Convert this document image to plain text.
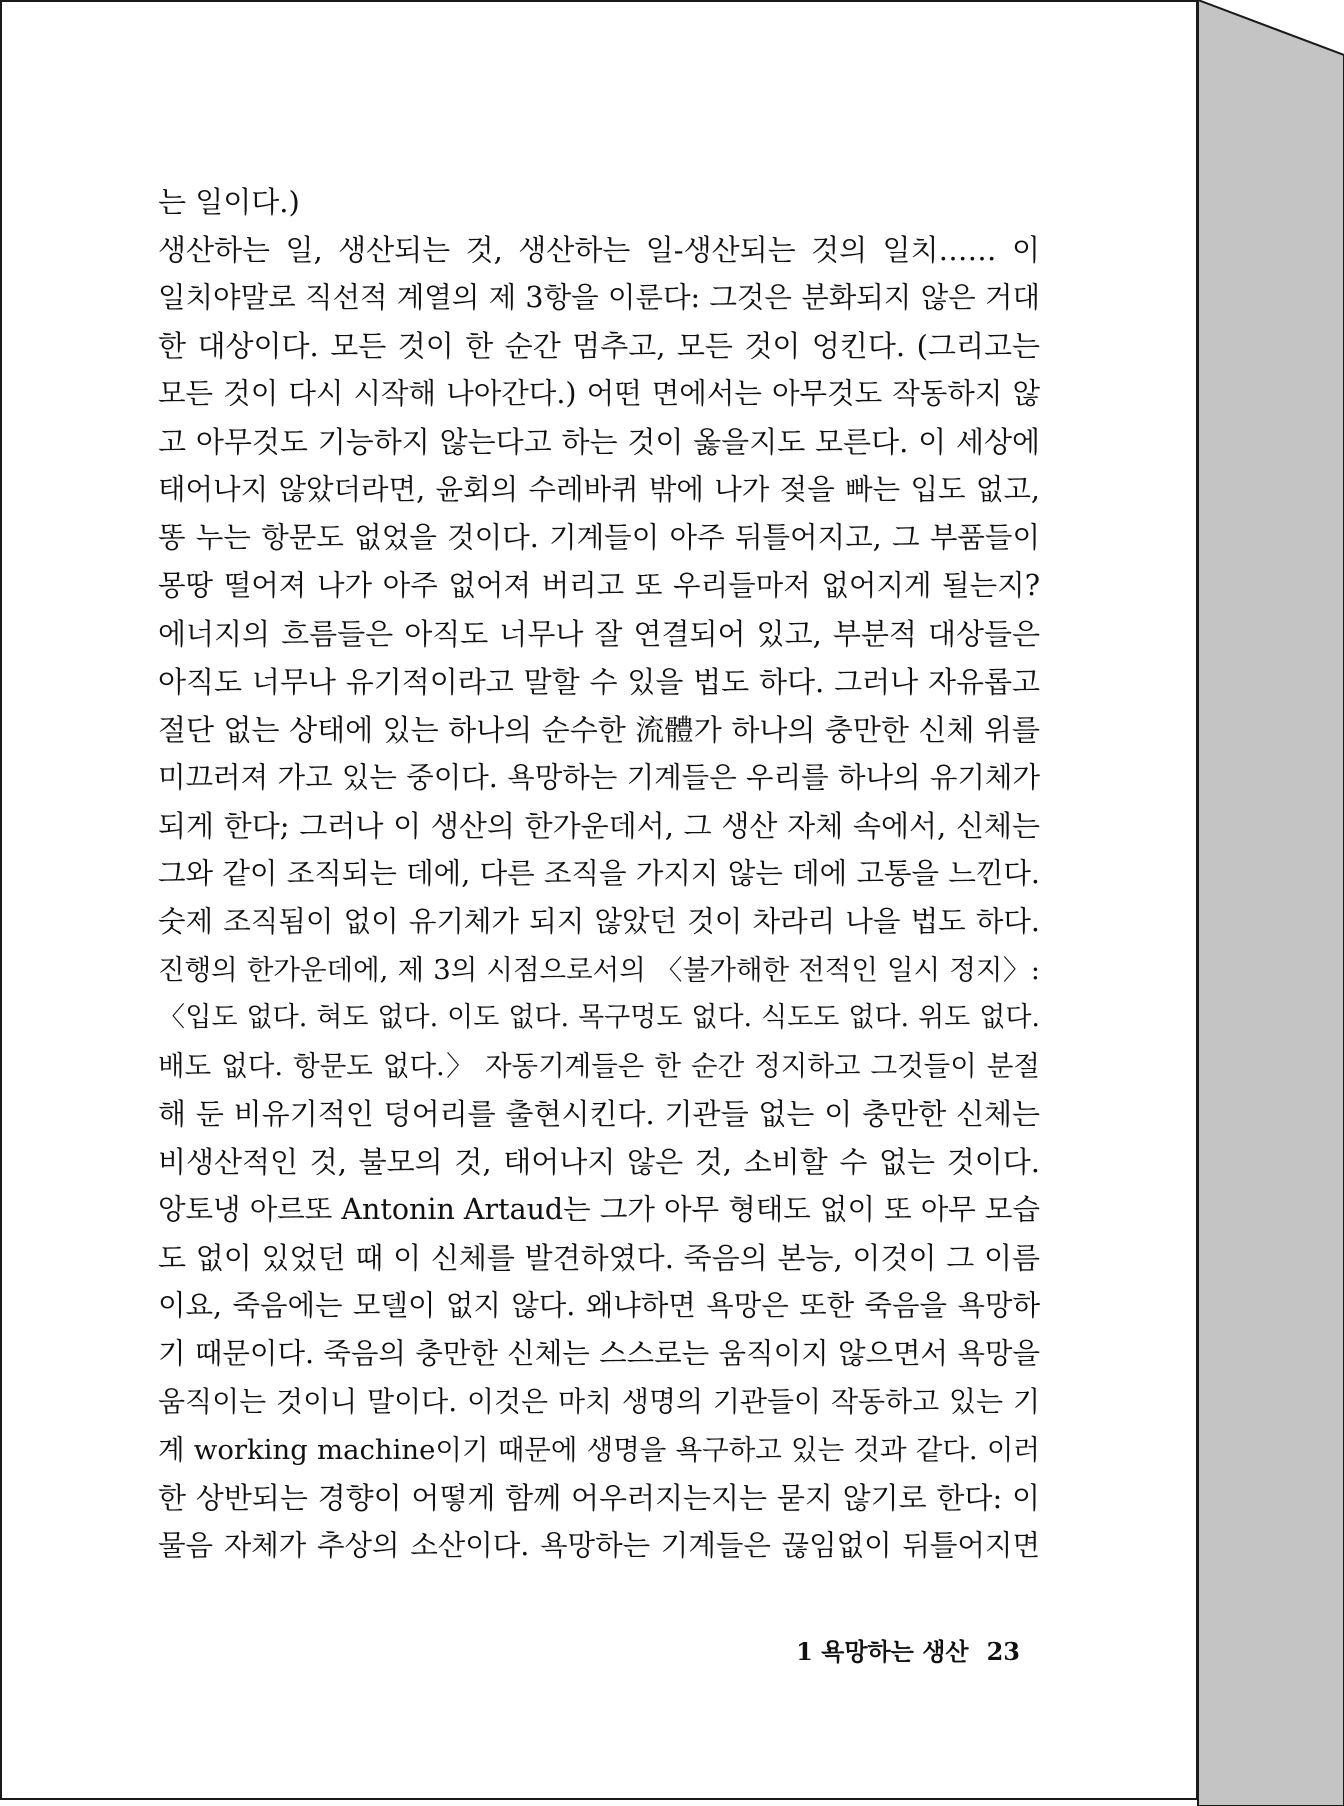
는 일이다.)
생산하는 일, 생산되는 것, 생산하는 일-생산되는 것의 일치…… 이
일치야말로 직선적 계열의 제 3항을 이룬다: 그것은 분화되지 않은 거대
한 대상이다. 모든 것이 한 순간 멈추고, 모든 것이 엉킨다. (그리고는
모든 것이 다시 시작해 나아간다.) 어떤 면에서는 아무것도 작동하지 않
고 아무것도 기능하지 않는다고 하는 것이 옳을지도 모른다. 이 세상에
태어나지 않았더라면, 윤회의 수레바퀴 밖에 나가 젖을 빠는 입도 없고,
똥 누는 항문도 없었을 것이다. 기계들이 아주 뒤틀어지고, 그 부품들이
몽땅 떨어져 나가 아주 없어져 버리고 또 우리들마저 없어지게 될는지?
에너지의 흐름들은 아직도 너무나 잘 연결되어 있고, 부분적 대상들은
아직도 너무나 유기적이라고 말할 수 있을 법도 하다. 그러나 자유롭고
절단 없는 상태에 있는 하나의 순수한 流體가 하나의 충만한 신체 위를
미끄러져 가고 있는 중이다. 욕망하는 기계들은 우리를 하나의 유기체가
되게 한다; 그러나 이 생산의 한가운데서, 그 생산 자체 속에서, 신체는
그와 같이 조직되는 데에, 다른 조직을 가지지 않는 데에 고통을 느낀다.
숫제 조직됨이 없이 유기체가 되지 않았던 것이 차라리 나을 법도 하다.
진행의 한가운데에, 제 3의 시점으로서의 〈불가해한 전적인 일시 정지〉:
〈입도 없다. 혀도 없다. 이도 없다. 목구멍도 없다. 식도도 없다. 위도 없다.
배도 없다. 항문도 없다.〉 자동기계들은 한 순간 정지하고 그것들이 분절
해 둔 비유기적인 덩어리를 출현시킨다. 기관들 없는 이 충만한 신체는
비생산적인 것, 불모의 것, 태어나지 않은 것, 소비할 수 없는 것이다.
앙토냉 아르또 Antonin Artaud는 그가 아무 형태도 없이 또 아무 모습
도 없이 있었던 때 이 신체를 발견하였다. 죽음의 본능, 이것이 그 이름
이요, 죽음에는 모델이 없지 않다. 왜냐하면 욕망은 또한 죽음을 욕망하
기 때문이다. 죽음의 충만한 신체는 스스로는 움직이지 않으면서 욕망을
움직이는 것이니 말이다. 이것은 마치 생명의 기관들이 작동하고 있는 기
계 working machine이기 때문에 생명을 욕구하고 있는 것과 같다. 이러
한 상반되는 경향이 어떻게 함께 어우러지는지는 묻지 않기로 한다: 이
물음 자체가 추상의 소산이다. 욕망하는 기계들은 끊임없이 뒤틀어지면
1 욕망하는 생산 23
